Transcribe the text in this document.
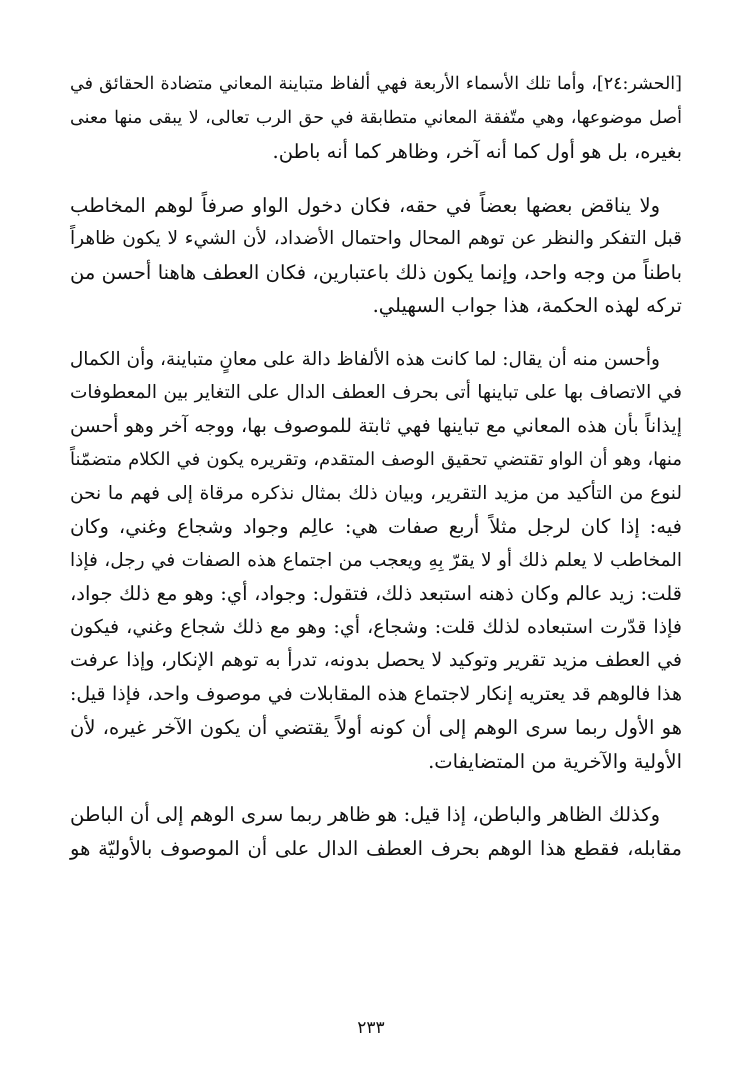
[الحشر:٢٤]، وأما تلك الأسماء الأربعة فهي ألفاظ متباينة المعاني متضادة الحقائق في
أصل موضوعها، وهي متّفقة المعاني متطابقة في حق الرب تعالى، لا يبقى منها معنى
بغيره، بل هو أول كما أنه آخر، وظاهر كما أنه باطن.

ولا يناقض بعضها بعضاً في حقه، فكان دخول الواو صرفاً لوهم المخاطب
قبل التفكر والنظر عن توهم المحال واحتمال الأضداد، لأن الشيء لا يكون ظاهراً
باطناً من وجه واحد، وإنما يكون ذلك باعتبارين، فكان العطف هاهنا أحسن من
تركه لهذه الحكمة، هذا جواب السهيلي.

وأحسن منه أن يقال: لما كانت هذه الألفاظ دالة على معانٍ متباينة، وأن الكمال
في الاتصاف بها على تباينها أتى بحرف العطف الدال على التغاير بين المعطوفات
إيذاناً بأن هذه المعاني مع تباينها فهي ثابتة للموصوف بها، ووجه آخر وهو أحسن
منها، وهو أن الواو تقتضي تحقيق الوصف المتقدم، وتقريره يكون في الكلام متضمّناً
لنوع من التأكيد من مزيد التقرير، وبيان ذلك بمثال نذكره مرقاة إلى فهم ما نحن
فيه: إذا كان لرجل مثلاً أربع صفات هي: عالِم وجواد وشجاع وغني، وكان
المخاطب لا يعلم ذلك أو لا يقرّ بِهِ ويعجب من اجتماع هذه الصفات في رجل، فإذا
قلت: زيد عالم وكان ذهنه استبعد ذلك، فتقول: وجواد، أي: وهو مع ذلك جواد،
فإذا قدّرت استبعاده لذلك قلت: وشجاع، أي: وهو مع ذلك شجاع وغني، فيكون
في العطف مزيد تقرير وتوكيد لا يحصل بدونه، تدرأ به توهم الإنكار، وإذا عرفت
هذا فالوهم قد يعتريه إنكار لاجتماع هذه المقابلات في موصوف واحد، فإذا قيل:
هو الأول ربما سرى الوهم إلى أن كونه أولاً يقتضي أن يكون الآخر غيره، لأن
الأولية والآخرية من المتضايفات.

وكذلك الظاهر والباطن، إذا قيل: هو ظاهر ربما سرى الوهم إلى أن الباطن
مقابله، فقطع هذا الوهم بحرف العطف الدال على أن الموصوف بالأوليّة هو

٢٣٣
